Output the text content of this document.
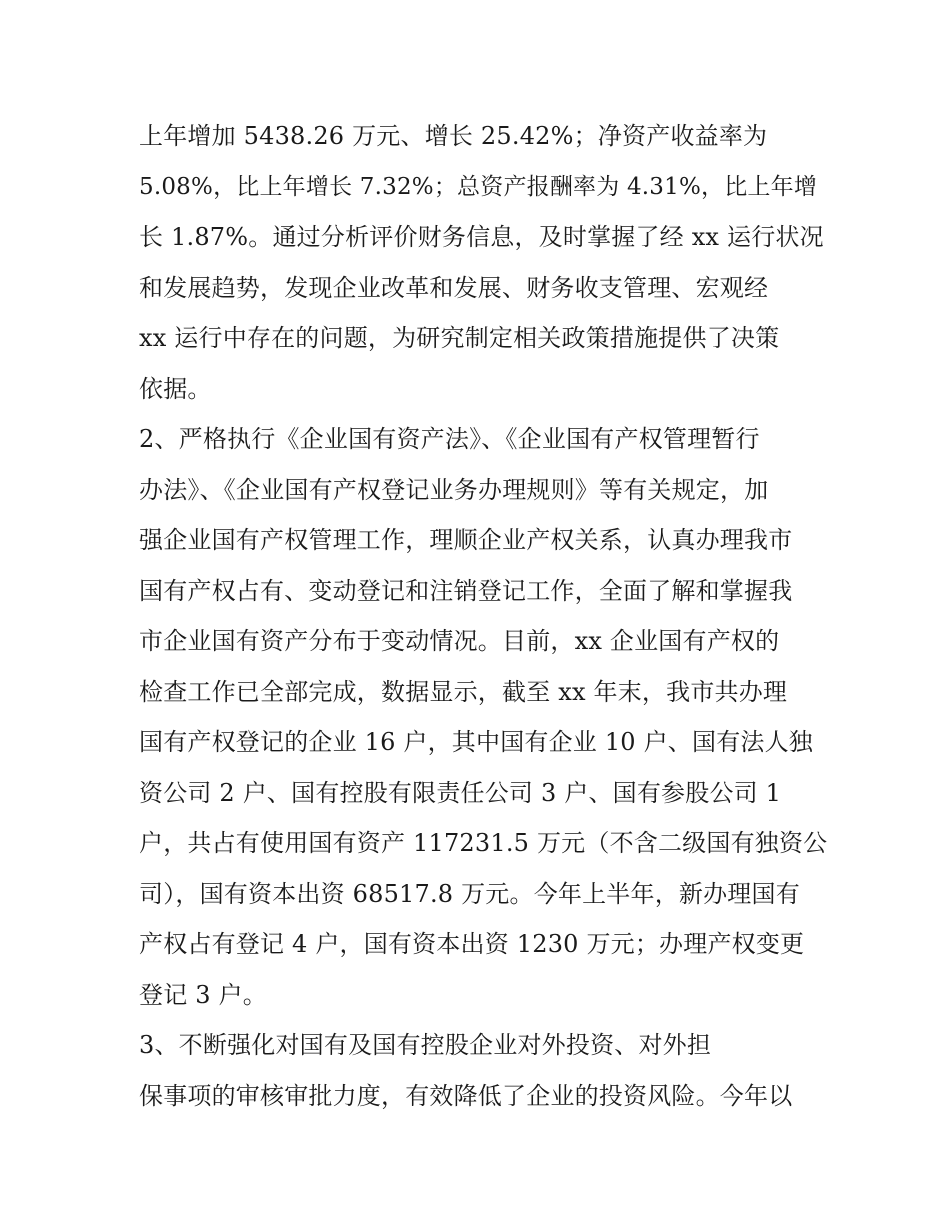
上年增加 5438.26 万元、增长 25.42%；净资产收益率为
5.08%，比上年增长 7.32%；总资产报酬率为 4.31%，比上年增
长 1.87%。通过分析评价财务信息，及时掌握了经 xx 运行状况
和发展趋势，发现企业改革和发展、财务收支管理、宏观经
xx 运行中存在的问题，为研究制定相关政策措施提供了决策
依据。
2、严格执行《企业国有资产法》、《企业国有产权管理暂行
办法》、《企业国有产权登记业务办理规则》等有关规定，加
强企业国有产权管理工作，理顺企业产权关系，认真办理我市
国有产权占有、变动登记和注销登记工作，全面了解和掌握我
市企业国有资产分布于变动情况。目前，xx 企业国有产权的
检查工作已全部完成，数据显示，截至 xx 年末，我市共办理
国有产权登记的企业 16 户，其中国有企业 10 户、国有法人独
资公司 2 户、国有控股有限责任公司 3 户、国有参股公司 1
户，共占有使用国有资产 117231.5 万元（不含二级国有独资公
司），国有资本出资 68517.8 万元。今年上半年，新办理国有
产权占有登记 4 户，国有资本出资 1230 万元；办理产权变更
登记 3 户。
3、不断强化对国有及国有控股企业对外投资、对外担
保事项的审核审批力度，有效降低了企业的投资风险。今年以
